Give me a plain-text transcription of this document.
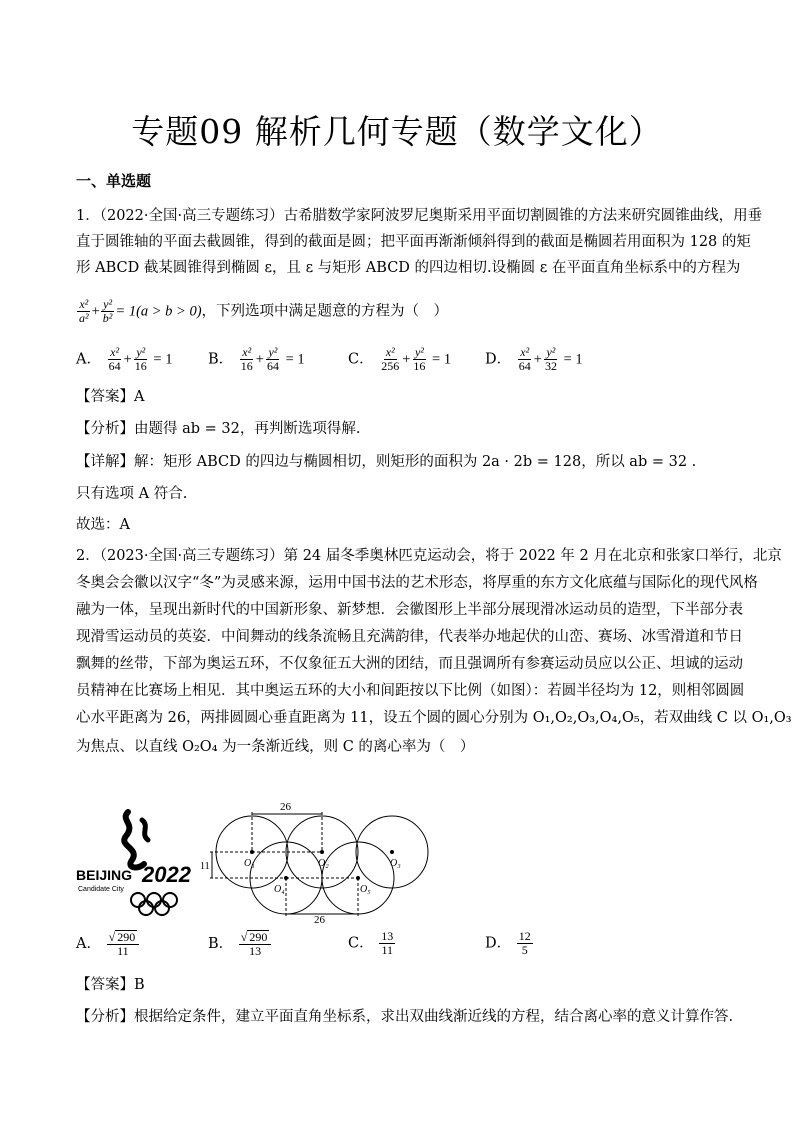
专题09 解析几何专题（数学文化）
一、单选题
1．（2022·全国·高三专题练习）古希腊数学家阿波罗尼奥斯采用平面切割圆锥的方法来研究圆锥曲线，用垂
直于圆锥轴的平面去截圆锥，得到的截面是圆；把平面再渐渐倾斜得到的截面是椭圆若用面积为 128 的矩
形 ABCD 截某圆锥得到椭圆 ε，且 ε 与矩形 ABCD 的四边相切.设椭圆 ε 在平面直角坐标系中的方程为
$\frac{\text{x²}}{\text{a²}} + \frac{\text{y²}}{\text{b²}} = 1(a > b > 0)$，下列选项中满足题意的方程为（　）
A． $\frac{\text{x²}}{64} + \frac{\text{y²}}{16} = 1$ B． $\frac{\text{x²}}{16} + \frac{\text{y²}}{64} = 1$	C． $\frac{\text{x²}}{256} + \frac{\text{y²}}{16} = 1$ D． $\frac{\text{x²}}{64} + \frac{\text{y²}}{32} = 1$
【答案】A
【分析】由题得 ab = 32，再判断选项得解.
【详解】解：矩形 ABCD 的四边与椭圆相切，则矩形的面积为 2a · 2b = 128，所以 ab = 32 .
只有选项 A 符合.
故选：A
2．（2023·全国·高三专题练习）第 24 届冬季奥林匹克运动会，将于 2022 年 2 月在北京和张家口举行，北京
冬奥会会徽以汉字“冬”为灵感来源，运用中国书法的艺术形态，将厚重的东方文化底蕴与国际化的现代风格
融为一体，呈现出新时代的中国新形象、新梦想．会徽图形上半部分展现滑冰运动员的造型，下半部分表
现滑雪运动员的英姿．中间舞动的线条流畅且充满韵律，代表举办地起伏的山峦、赛场、冰雪滑道和节日
飘舞的丝带，下部为奥运五环，不仅象征五大洲的团结，而且强调所有参赛运动员应以公正、坦诚的运动
员精神在比赛场上相见．其中奥运五环的大小和间距按以下比例（如图）：若圆半径均为 12，则相邻圆圆
心水平距离为 26，两排圆圆心垂直距离为 11，设五个圆的圆心分别为 O₁,O₂,O₃,O₄,O₅，若双曲线 C 以 O₁,O₃
为焦点、以直线 O₂O₄ 为一条渐近线，则 C 的离心率为（　）
BEIJING 2022
Candidate City
26
26
11	O₁	O₂	O₃
O₄	O₅
A． $\frac{√ 290}{11}$	B． $\frac{√ 290}{13}$	C． $\frac{13}{11}$	D． $\frac{12}{5}$
【答案】B
【分析】根据给定条件，建立平面直角坐标系，求出双曲线渐近线的方程，结合离心率的意义计算作答.
